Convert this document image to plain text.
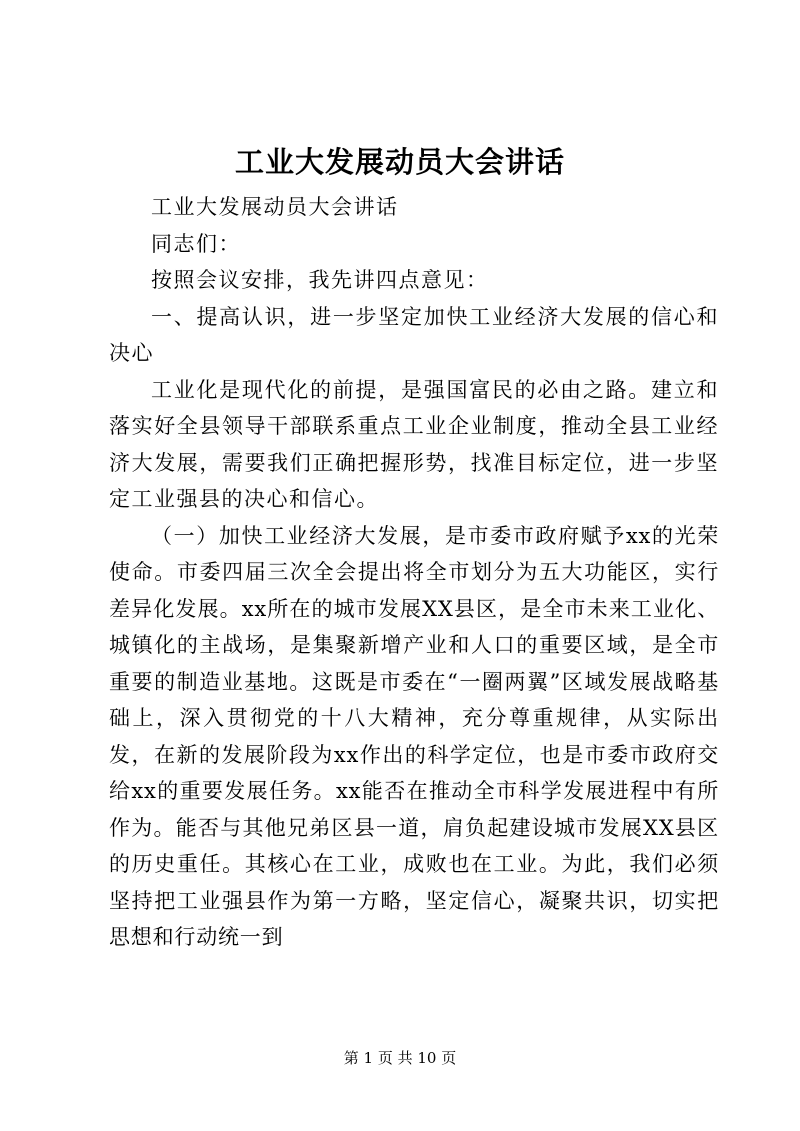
工业大发展动员大会讲话

工业大发展动员大会讲话

同志们：

按照会议安排，我先讲四点意见：

一、提高认识，进一步坚定加快工业经济大发展的信心和决心

工业化是现代化的前提，是强国富民的必由之路。建立和落实好全县领导干部联系重点工业企业制度，推动全县工业经济大发展，需要我们正确把握形势，找准目标定位，进一步坚定工业强县的决心和信心。

（一）加快工业经济大发展，是市委市政府赋予xx的光荣使命。市委四届三次全会提出将全市划分为五大功能区，实行差异化发展。xx所在的城市发展XX县区，是全市未来工业化、城镇化的主战场，是集聚新增产业和人口的重要区域，是全市重要的制造业基地。这既是市委在“一圈两翼”区域发展战略基础上，深入贯彻党的十八大精神，充分尊重规律，从实际出发，在新的发展阶段为xx作出的科学定位，也是市委市政府交给xx的重要发展任务。xx能否在推动全市科学发展进程中有所作为。能否与其他兄弟区县一道，肩负起建设城市发展XX县区的历史重任。其核心在工业，成败也在工业。为此，我们必须坚持把工业强县作为第一方略，坚定信心，凝聚共识，切实把思想和行动统一到

第 1 页 共 10 页
